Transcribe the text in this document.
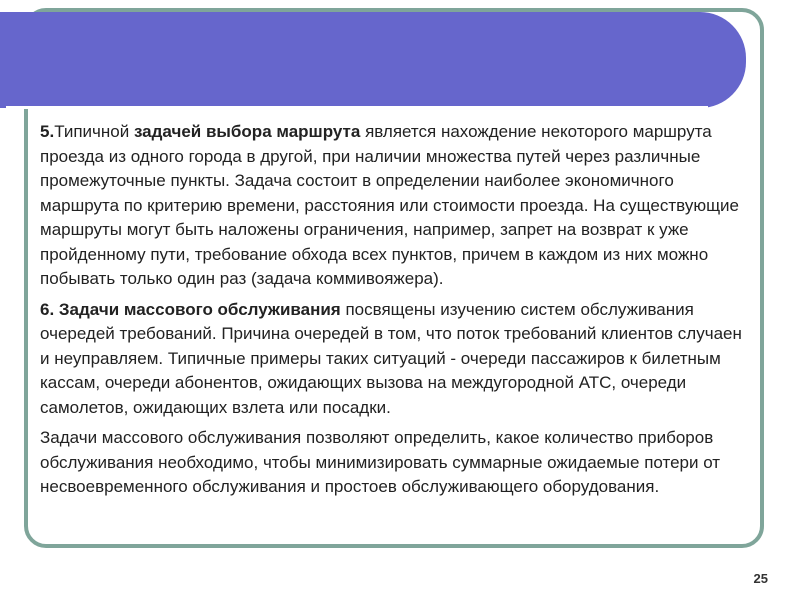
5.Типичной задачей выбора маршрута является нахождение некоторого маршрута проезда из одного города в другой, при наличии множества путей через различные промежуточные пункты. Задача состоит в определении наиболее экономичного маршрута по критерию времени, расстояния или стоимости проезда. На существующие маршруты могут быть наложены ограничения, например, запрет на возврат к уже пройденному пути, требование обхода всех пунктов, причем в каждом из них можно побывать только один раз (задача коммивояжера).

6. Задачи массового обслуживания посвящены изучению систем обслуживания очередей требований. Причина очередей в том, что поток требований клиентов случаен и неуправляем. Типичные примеры таких ситуаций - очереди пассажиров к билетным кассам, очереди абонентов, ожидающих вызова на междугородной АТС, очереди самолетов, ожидающих взлета или посадки.

Задачи массового обслуживания позволяют определить, какое количество приборов обслуживания необходимо, чтобы минимизировать суммарные ожидаемые потери от несвоевременного обслуживания и простоев обслуживающего оборудования.

25
